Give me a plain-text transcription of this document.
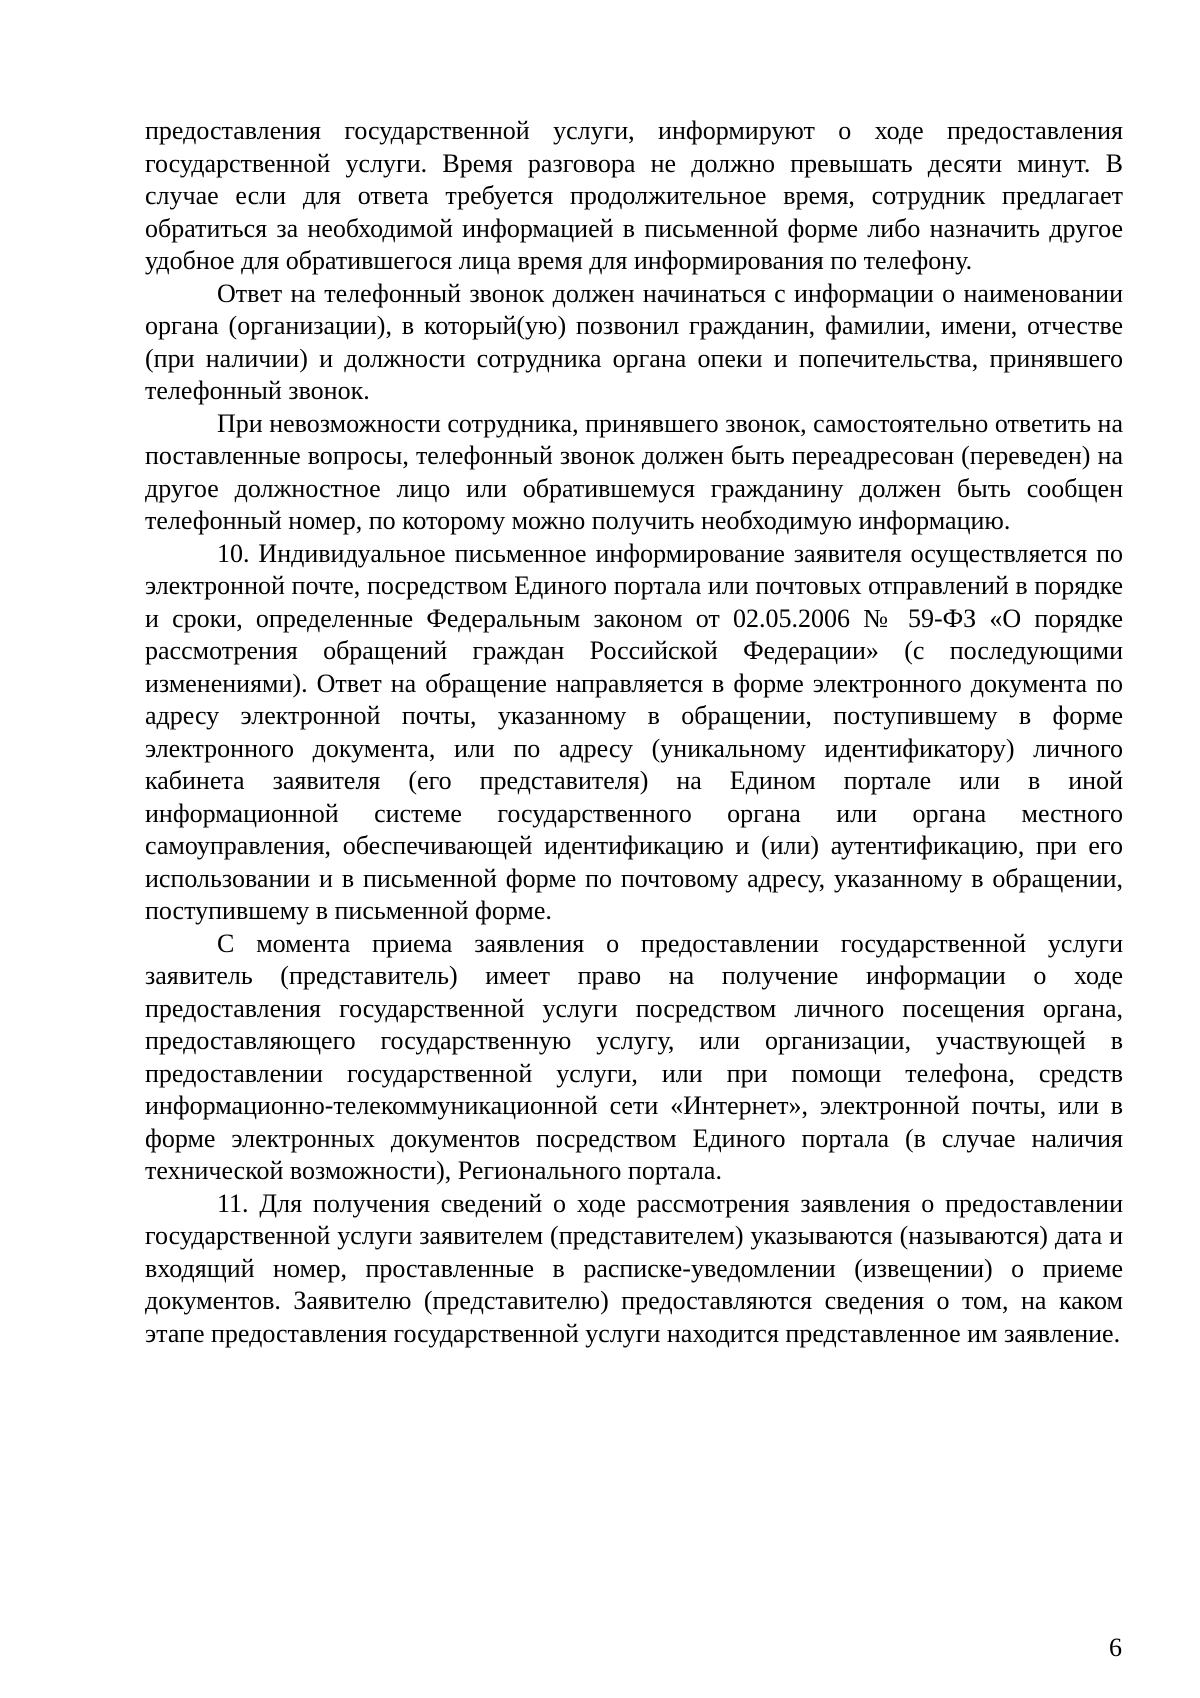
предоставления государственной услуги, информируют о ходе предоставления государственной услуги. Время разговора не должно превышать десяти минут. В случае если для ответа требуется продолжительное время, сотрудник предлагает обратиться за необходимой информацией в письменной форме либо назначить другое удобное для обратившегося лица время для информирования по телефону.

Ответ на телефонный звонок должен начинаться с информации о наименовании органа (организации), в который(ую) позвонил гражданин, фамилии, имени, отчестве (при наличии) и должности сотрудника органа опеки и попечительства, принявшего телефонный звонок.

При невозможности сотрудника, принявшего звонок, самостоятельно ответить на поставленные вопросы, телефонный звонок должен быть переадресован (переведен) на другое должностное лицо или обратившемуся гражданину должен быть сообщен телефонный номер, по которому можно получить необходимую информацию.

10. Индивидуальное письменное информирование заявителя осуществляется по электронной почте, посредством Единого портала или почтовых отправлений в порядке и сроки, определенные Федеральным законом от 02.05.2006 № 59-ФЗ «О порядке рассмотрения обращений граждан Российской Федерации» (с последующими изменениями). Ответ на обращение направляется в форме электронного документа по адресу электронной почты, указанному в обращении, поступившему в форме электронного документа, или по адресу (уникальному идентификатору) личного кабинета заявителя (его представителя) на Едином портале или в иной информационной системе государственного органа или органа местного самоуправления, обеспечивающей идентификацию и (или) аутентификацию, при его использовании и в письменной форме по почтовому адресу, указанному в обращении, поступившему в письменной форме.

С момента приема заявления о предоставлении государственной услуги заявитель (представитель) имеет право на получение информации о ходе предоставления государственной услуги посредством личного посещения органа, предоставляющего государственную услугу, или организации, участвующей в предоставлении государственной услуги, или при помощи телефона, средств информационно-телекоммуникационной сети «Интернет», электронной почты, или в форме электронных документов посредством Единого портала (в случае наличия технической возможности), Регионального портала.

11. Для получения сведений о ходе рассмотрения заявления о предоставлении государственной услуги заявителем (представителем) указываются (называются) дата и входящий номер, проставленные в расписке-уведомлении (извещении) о приеме документов. Заявителю (представителю) предоставляются сведения о том, на каком этапе предоставления государственной услуги находится представленное им заявление.

6
